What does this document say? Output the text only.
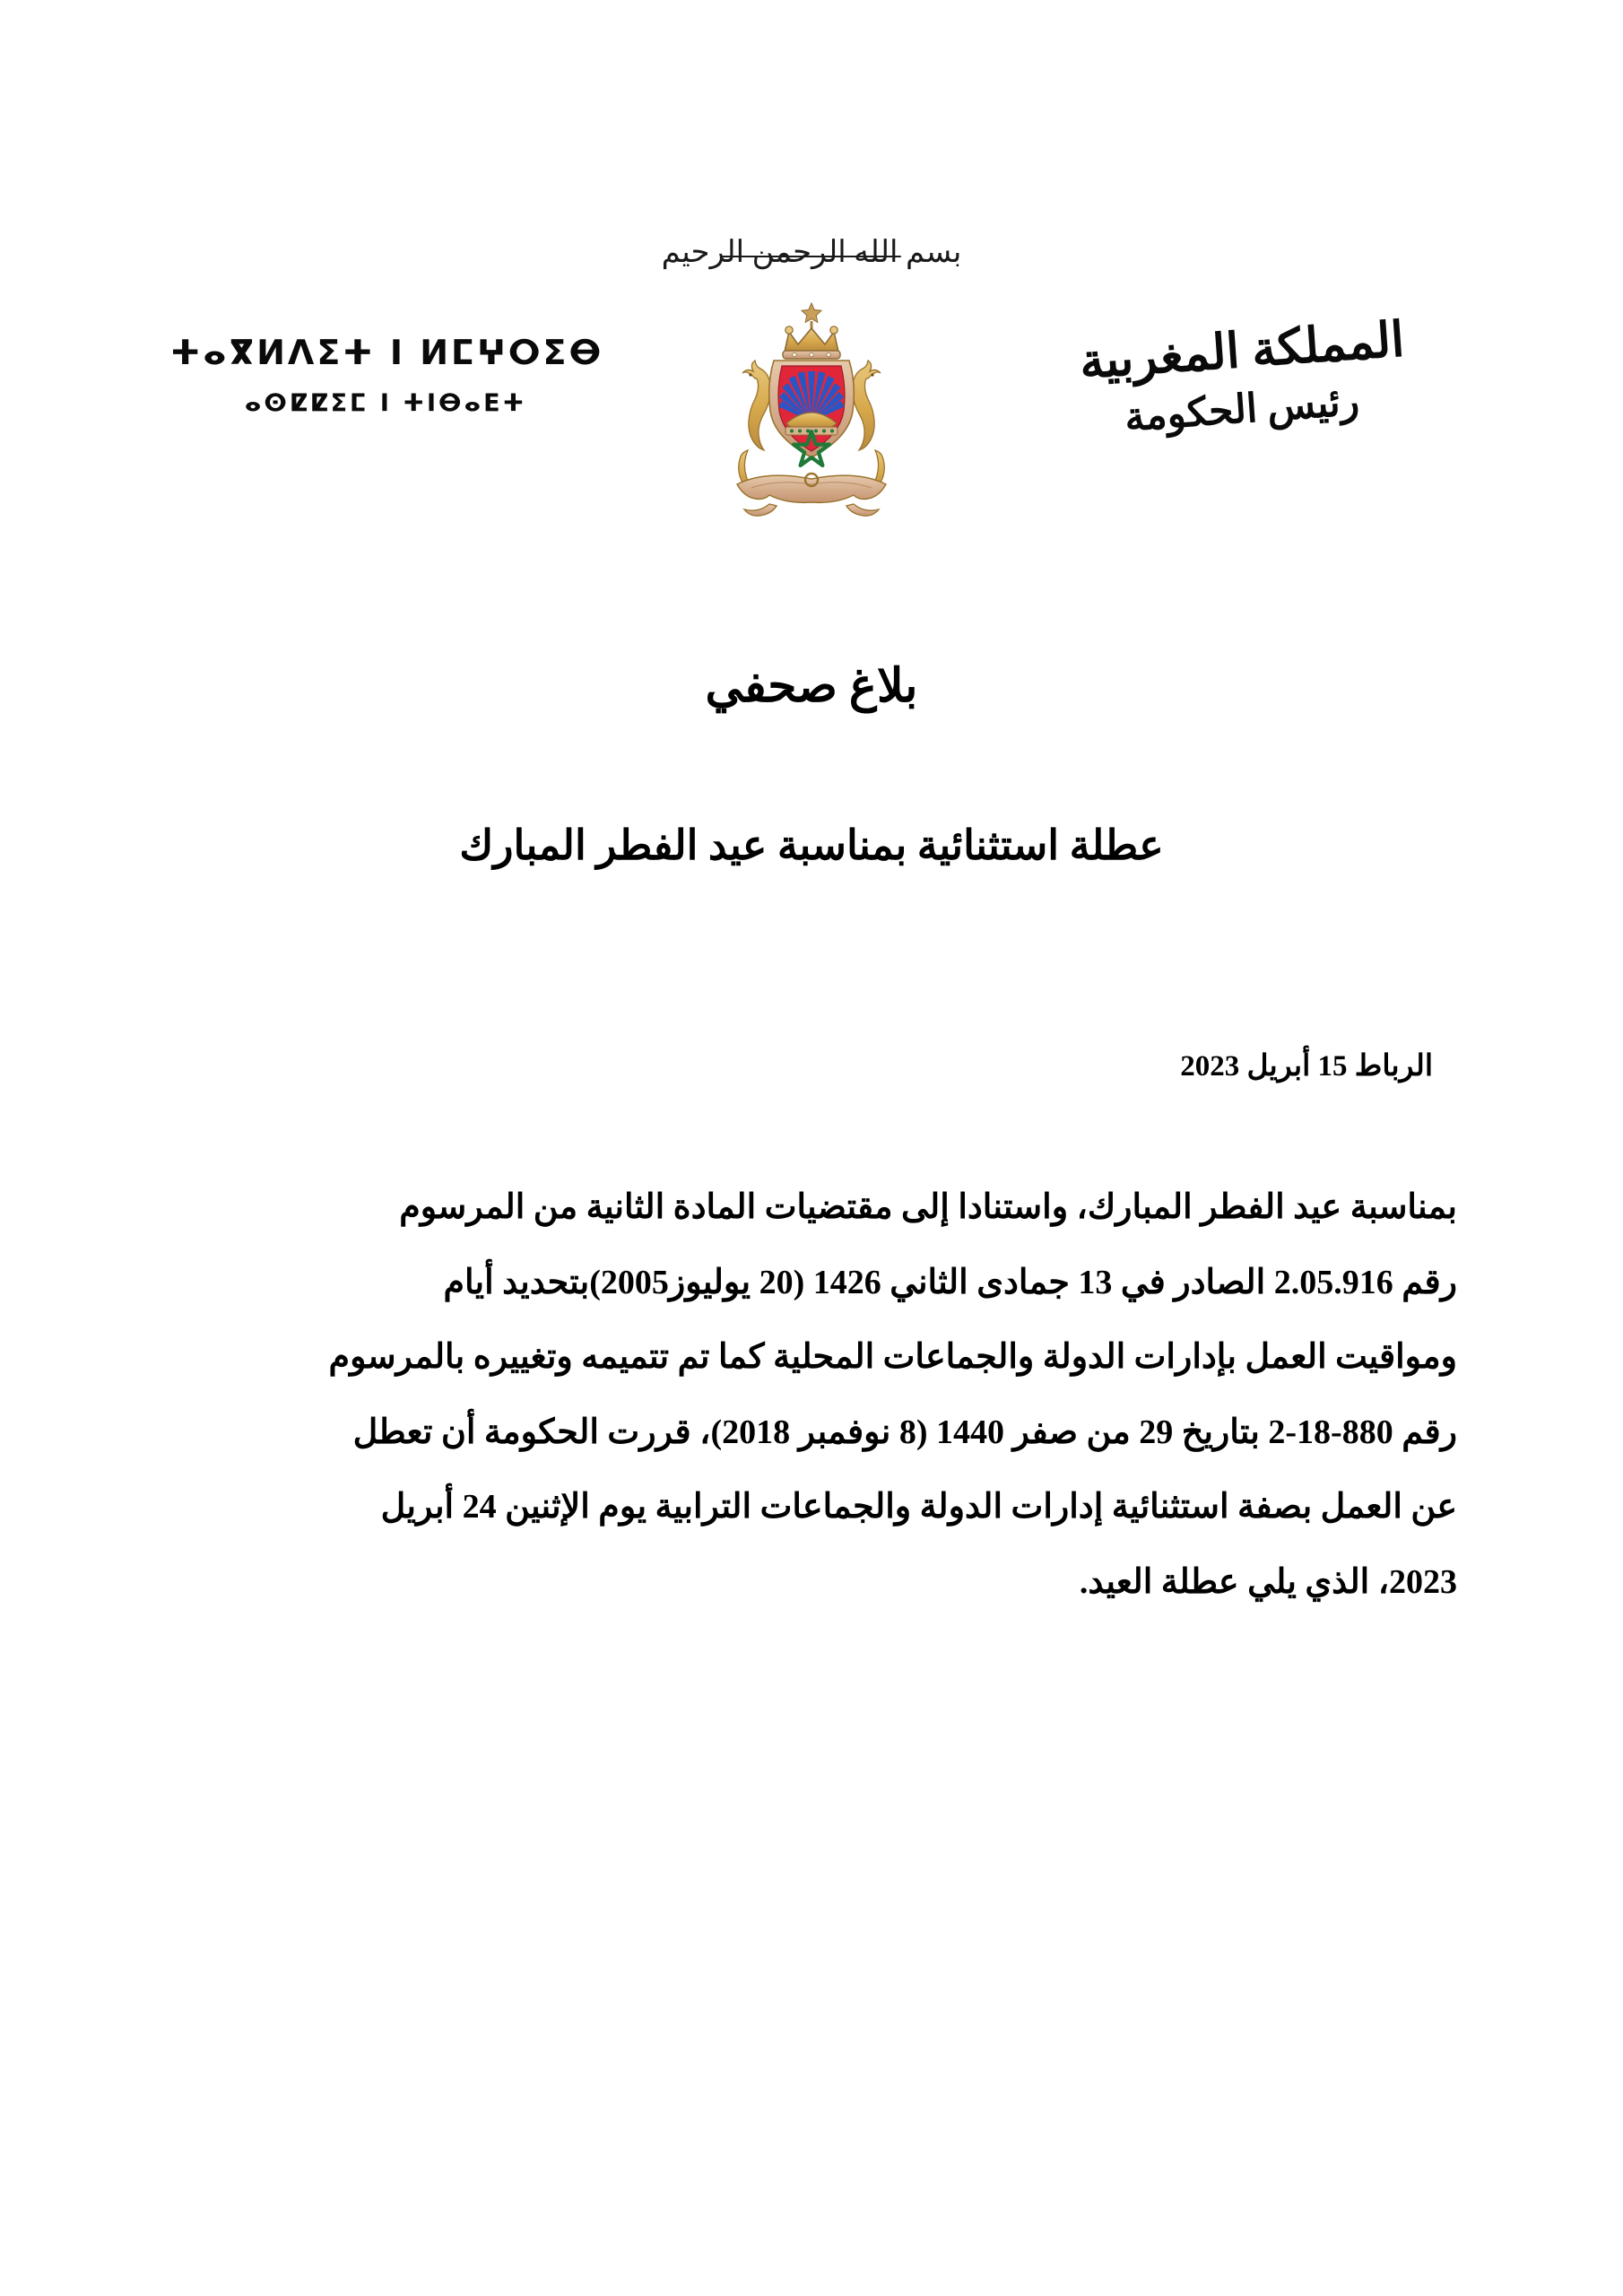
بسم الله الرحمن الرحيم
ⵜⴰⴳⵍⴷⵉⵜ ⵏ ⵍⵎⵖⵔⵉⴱ
ⴰⵙⵇⵇⵉⵎ ⵏ ⵜⵏⴱⴰⴹⵜ
المملكة المغربية
رئيس الحكومة
بلاغ صحفي
عطلة استثنائية بمناسبة عيد الفطر المبارك
الرباط 15 أبريل 2023
بمناسبة عيد الفطر المبارك، واستنادا إلى مقتضيات المادة الثانية من المرسوم
رقم 2.05.916 الصادر في 13 جمادى الثاني 1426 (20 يوليوز2005)بتحديد أيام
ومواقيت العمل بإدارات الدولة والجماعات المحلية كما تم تتميمه وتغييره بالمرسوم
رقم 880-18-2 بتاريخ 29 من صفر 1440 (8 نوفمبر 2018)، قررت الحكومة أن تعطل
عن العمل بصفة استثنائية إدارات الدولة والجماعات الترابية يوم الإثنين 24 أبريل
2023، الذي يلي عطلة العيد.
